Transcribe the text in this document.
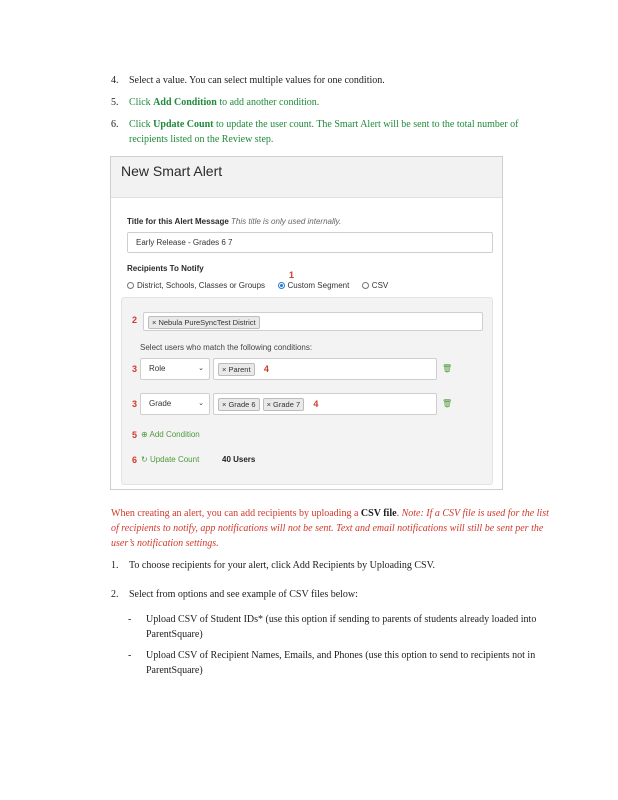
4. Select a value. You can select multiple values for one condition.
5. Click Add Condition to add another condition.
6. Click Update Count to update the user count. The Smart Alert will be sent to the total number of recipients listed on the Review step.
New Smart Alert
Title for this Alert Message This title is only used internally.
Early Release - Grades 6 7
Recipients To Notify
1
District, Schools, Classes or Groups	Custom Segment	CSV
2	× Nebula PureSyncTest District
Select users who match the following conditions:
3	Role	⌄	× Parent 4	🗑
3	Grade	⌄	× Grade 6 × Grade 7 4	🗑
5 ⊕ Add Condition
6 ↻ Update Count	40 Users
When creating an alert, you can add recipients by uploading a CSV file. Note: If a CSV file is used for the list of recipients to notify, app notifications will not be sent. Text and email notifications will still be sent per the user’s notification settings.
1. To choose recipients for your alert, click Add Recipients by Uploading CSV.
2. Select from options and see example of CSV files below:
- Upload CSV of Student IDs* (use this option if sending to parents of students already loaded into ParentSquare)
- Upload CSV of Recipient Names, Emails, and Phones (use this option to send to recipients not in ParentSquare)
